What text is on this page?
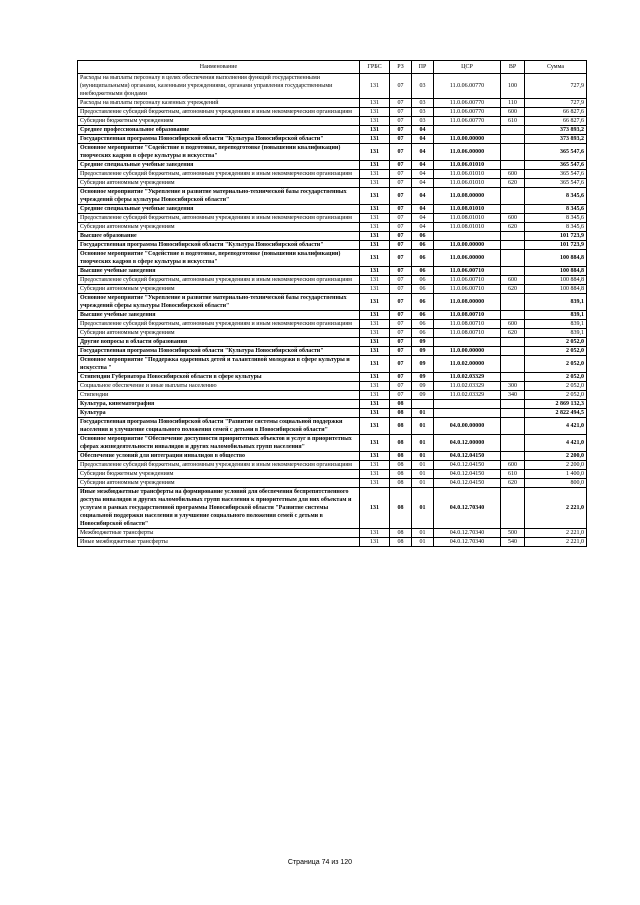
Наименование	ГРБС	РЗ	ПР	ЦСР	ВР	Сумма
Расходы на выплаты персоналу в целях обеспечения выполнения функций государственными (муниципальными) органами, казенными учреждениями, органами управления государственными внебюджетными фондами	131	07	03	11.0.06.00770	100	727,9
Расходы на выплаты персоналу казенных учреждений	131	07	03	11.0.06.00770	110	727,9
Предоставление субсидий бюджетным, автономным учреждениям и иным некоммерческим организациям	131	07	03	11.0.06.00770	600	66 827,6
Субсидии бюджетным учреждениям	131	07	03	11.0.06.00770	610	66 827,6
Среднее профессиональное образование	131	07	04			373 893,2
Государственная программа Новосибирской области "Культура Новосибирской области"	131	07	04	11.0.00.00000		373 893,2
Основное мероприятие "Содействие в подготовке, переподготовке (повышении квалификации) творческих кадров в сфере культуры и искусства"	131	07	04	11.0.06.00000		365 547,6
Средние специальные учебные заведения	131	07	04	11.0.06.01010		365 547,6
Предоставление субсидий бюджетным, автономным учреждениям и иным некоммерческим организациям	131	07	04	11.0.06.01010	600	365 547,6
Субсидии автономным учреждениям	131	07	04	11.0.06.01010	620	365 547,6
Основное мероприятие "Укрепление и развитие материально-технической базы государственных учреждений сферы культуры Новосибирской области"	131	07	04	11.0.08.00000		8 345,6
Средние специальные учебные заведения	131	07	04	11.0.08.01010		8 345,6
Предоставление субсидий бюджетным, автономным учреждениям и иным некоммерческим организациям	131	07	04	11.0.08.01010	600	8 345,6
Субсидии автономным учреждениям	131	07	04	11.0.08.01010	620	8 345,6
Высшее образование	131	07	06			101 723,9
Государственная программа Новосибирской области "Культура Новосибирской области"	131	07	06	11.0.00.00000		101 723,9
Основное мероприятие "Содействие в подготовке, переподготовке (повышении квалификации) творческих кадров в сфере культуры и искусства"	131	07	06	11.0.06.00000		100 884,8
Высшие учебные заведения	131	07	06	11.0.06.00710		100 884,8
Предоставление субсидий бюджетным, автономным учреждениям и иным некоммерческим организациям	131	07	06	11.0.06.00710	600	100 884,8
Субсидии автономным учреждениям	131	07	06	11.0.06.00710	620	100 884,8
Основное мероприятие "Укрепление и развитие материально-технической базы государственных учреждений сферы культуры Новосибирской области"	131	07	06	11.0.08.00000		839,1
Высшие учебные заведения	131	07	06	11.0.08.00710		839,1
Предоставление субсидий бюджетным, автономным учреждениям и иным некоммерческим организациям	131	07	06	11.0.08.00710	600	839,1
Субсидии автономным учреждениям	131	07	06	11.0.08.00710	620	839,1
Другие вопросы в области образования	131	07	09			2 052,0
Государственная программа Новосибирской области "Культура Новосибирской области"	131	07	09	11.0.00.00000		2 052,0
Основное мероприятие "Поддержка одаренных детей и талантливой молодежи в сфере культуры и искусства "	131	07	09	11.0.02.00000		2 052,0
Стипендии Губернатора Новосибирской области в сфере культуры	131	07	09	11.0.02.03329		2 052,0
Социальное обеспечение и иные выплаты населению	131	07	09	11.0.02.03329	300	2 052,0
Стипендии	131	07	09	11.0.02.03329	340	2 052,0
Культура, кинематография	131	08				2 869 132,3
Культура	131	08	01			2 822 494,5
Государственная программа Новосибирской области "Развитие системы социальной поддержки населения и улучшение социального положения семей с детьми в Новосибирской области"	131	08	01	04.0.00.00000		4 421,0
Основное мероприятие "Обеспечение доступности приоритетных объектов и услуг в приоритетных сферах жизнедеятельности инвалидов и других маломобильных групп населения"	131	08	01	04.0.12.00000		4 421,0
Обеспечение условий для интеграции инвалидов в общество	131	08	01	04.0.12.04150		2 200,0
Предоставление субсидий бюджетным, автономным учреждениям и иным некоммерческим организациям	131	08	01	04.0.12.04150	600	2 200,0
Субсидии бюджетным учреждениям	131	08	01	04.0.12.04150	610	1 400,0
Субсидии автономным учреждениям	131	08	01	04.0.12.04150	620	800,0
Иные межбюджетные трансферты на формирование условий для обеспечения беспрепятственного доступа инвалидов и других маломобильных групп населения к приоритетным для них объектам и услугам в рамках государственной программы Новосибирской области "Развитие системы социальной поддержки населения и улучшение социального положения семей с детьми в Новосибирской области"	131	08	01	04.0.12.70340		2 221,0
Межбюджетные трансферты	131	08	01	04.0.12.70340	500	2 221,0
Иные межбюджетные трансферты	131	08	01	04.0.12.70340	540	2 221,0
Страница 74 из 120
